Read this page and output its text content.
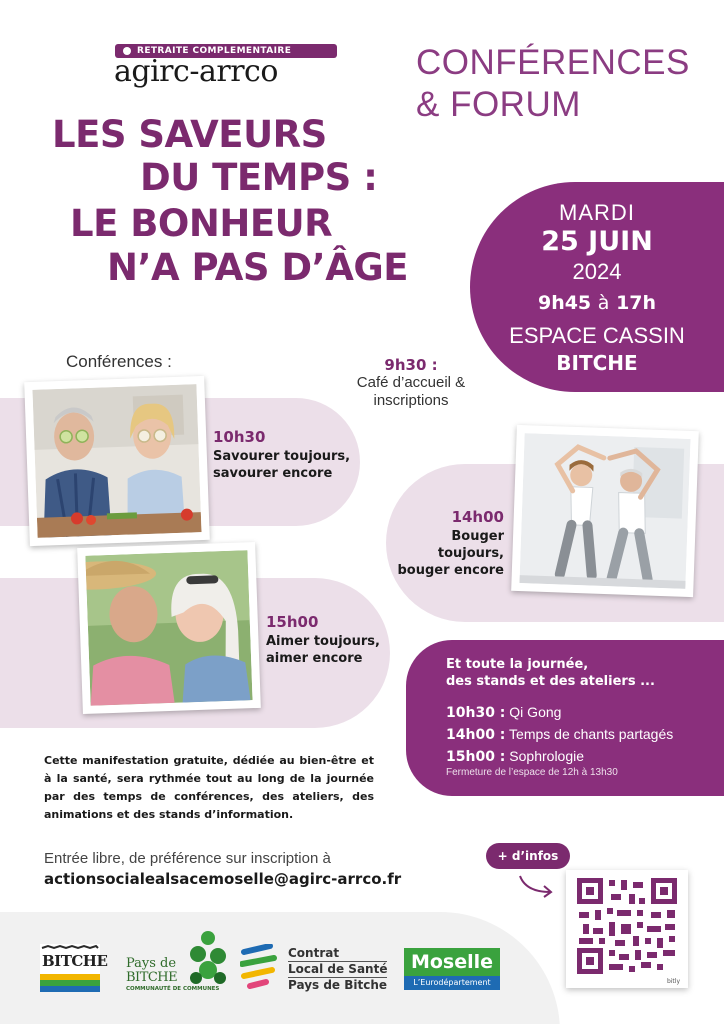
RETRAITE COMPLEMENTAIRE
agirc-arrco	CONFÉRENCES
& FORUM
LES SAVEURS
DU TEMPS :
LE BONHEUR
N’A PAS D’ÂGE
MARDI
25 JUIN
2024
9h45 à 17h
ESPACE CASSIN
BITCHE
Conférences :	9h30 :
Café d’accueil &
inscriptions
10h30
Savourer toujours,
savourer encore
14h00
Bouger toujours,
bouger encore
15h00
Aimer toujours,
aimer encore	Et toute la journée,
des stands et des ateliers ...
10h30 : Qi Gong
14h00 : Temps de chants partagés
15h00 : Sophrologie
Fermeture de l’espace de 12h à 13h30
Cette manifestation gratuite, dédiée au bien-être et à la santé, sera rythmée tout au long de la journée par des temps de conférences, des ateliers, des animations et des stands d’information.
Entrée libre, de préférence sur inscription à
actionsocialealsacemoselle@agirc-arrco.fr
+ d’infos
bitly
BITCHE Pays de
BITCHE
COMMUNAUTÉ DE COMMUNES
Contrat
Local de Santé
Pays de Bitche
Moselle
L’Eurodépartement
